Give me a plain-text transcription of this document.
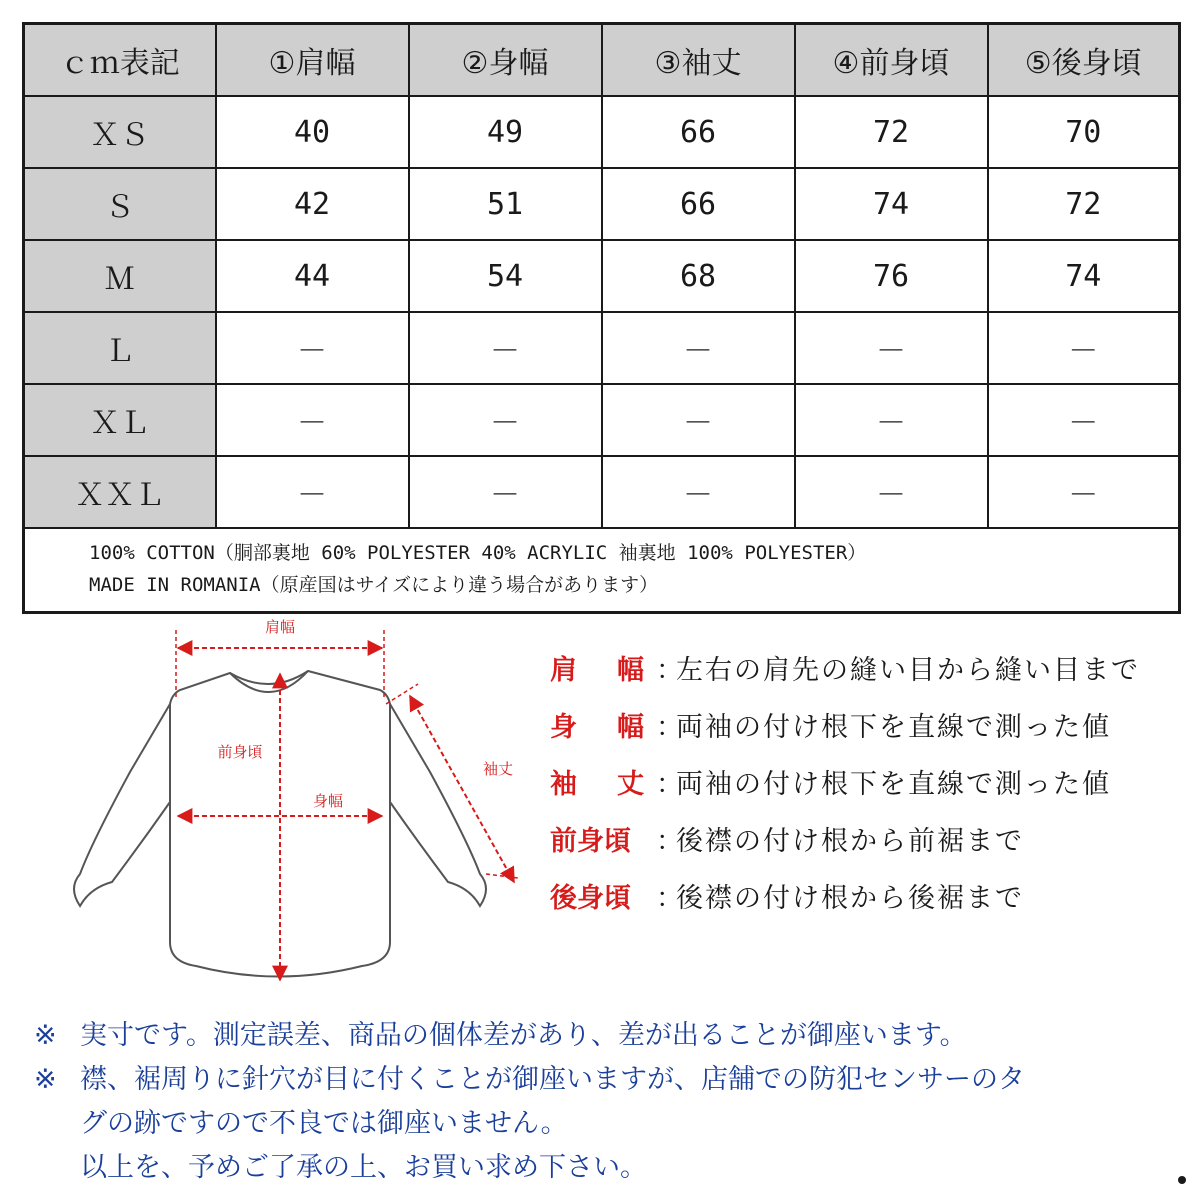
ｃｍ表記	①肩幅	②身幅	③袖丈	④前身頃	⑤後身頃
ＸＳ	40	49	66	72	70
Ｓ	42	51	66	74	72
Ｍ	44	54	68	76	74
Ｌ	－	－	－	－	－
ＸＬ	－	－	－	－	－
ＸＸＬ	－	－	－	－	－

100% COTTON（胴部裏地 60% POLYESTER 40% ACRYLIC 袖裏地 100% POLYESTER）
MADE IN ROMANIA（原産国はサイズにより違う場合があります）					
肩幅
前身頃
身幅
袖丈
肩 幅 ：
左右の肩先の縫い目から縫い目まで
身 幅 ：
両袖の付け根下を直線で測った値
袖 丈 ：
両袖の付け根下を直線で測った値
前身頃 ：
後襟の付け根から前裾まで
後身頃 ：
後襟の付け根から後裾まで
※ 実寸です。測定誤差、商品の個体差があり、差が出ることが御座います。
※ 襟、裾周りに針穴が目に付くことが御座いますが、店舗での防犯センサーのタ
グの跡ですので不良では御座いません。
以上を、予めご了承の上、お買い求め下さい。
